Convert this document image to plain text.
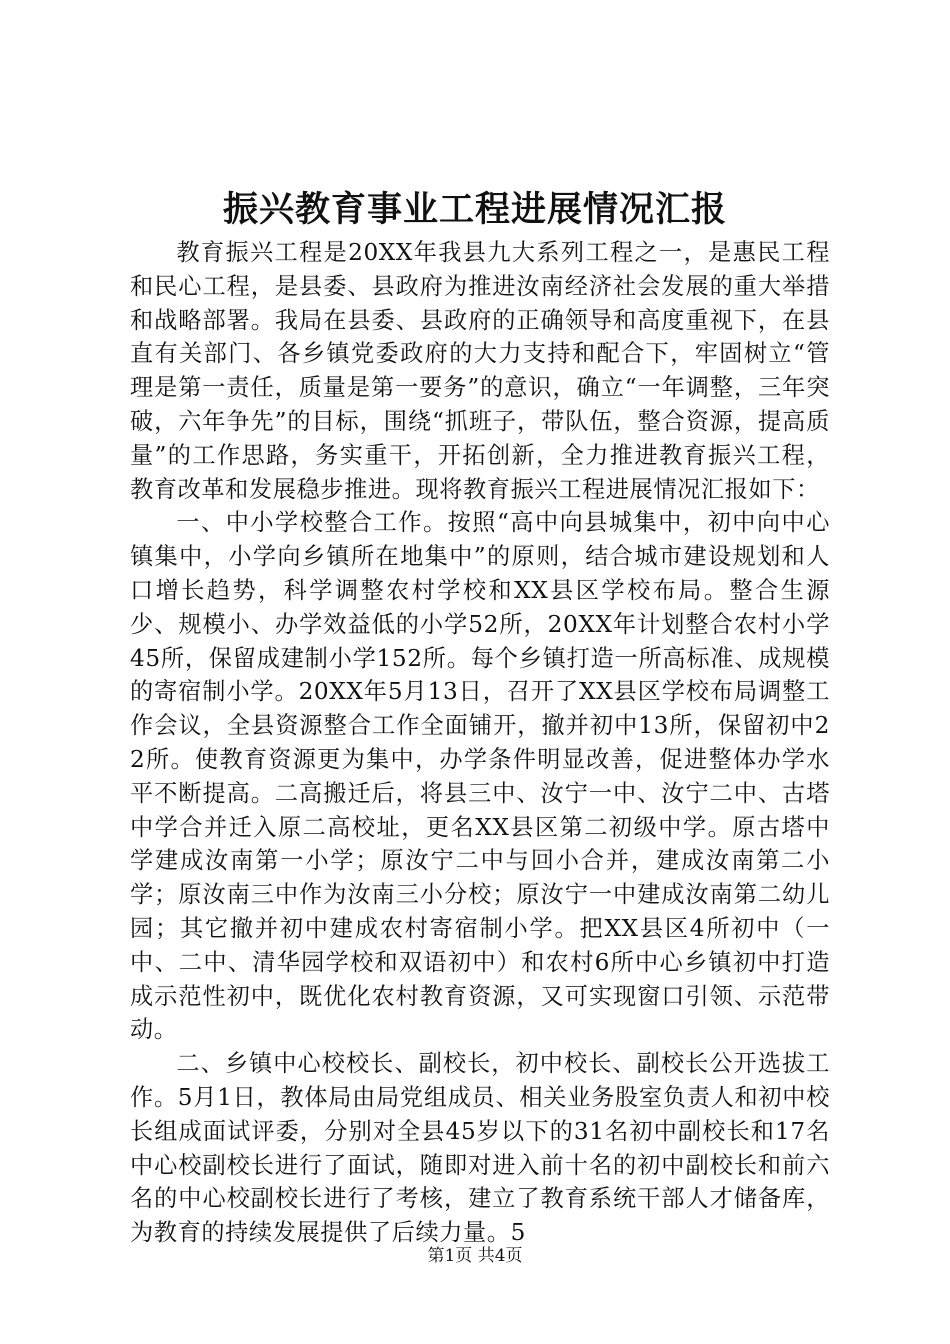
振兴教育事业工程进展情况汇报

教育振兴工程是20XX年我县九大系列工程之一，是惠民工程和民心工程，是县委、县政府为推进汝南经济社会发展的重大举措和战略部署。我局在县委、县政府的正确领导和高度重视下，在县直有关部门、各乡镇党委政府的大力支持和配合下，牢固树立“管理是第一责任，质量是第一要务”的意识，确立“一年调整，三年突破，六年争先”的目标，围绕“抓班子，带队伍，整合资源，提高质量”的工作思路，务实重干，开拓创新，全力推进教育振兴工程，教育改革和发展稳步推进。现将教育振兴工程进展情况汇报如下：

一、中小学校整合工作。按照“高中向县城集中，初中向中心镇集中，小学向乡镇所在地集中”的原则，结合城市建设规划和人口增长趋势，科学调整农村学校和XX县区学校布局。整合生源少、规模小、办学效益低的小学52所，20XX年计划整合农村小学45所，保留成建制小学152所。每个乡镇打造一所高标准、成规模的寄宿制小学。20XX年5月13日，召开了XX县区学校布局调整工作会议，全县资源整合工作全面铺开，撤并初中13所，保留初中22所。使教育资源更为集中，办学条件明显改善，促进整体办学水平不断提高。二高搬迁后，将县三中、汝宁一中、汝宁二中、古塔中学合并迁入原二高校址，更名XX县区第二初级中学。原古塔中学建成汝南第一小学；原汝宁二中与回小合并，建成汝南第二小学；原汝南三中作为汝南三小分校；原汝宁一中建成汝南第二幼儿园；其它撤并初中建成农村寄宿制小学。把XX县区4所初中（一中、二中、清华园学校和双语初中）和农村6所中心乡镇初中打造成示范性初中，既优化农村教育资源，又可实现窗口引领、示范带动。

二、乡镇中心校校长、副校长，初中校长、副校长公开选拔工作。5月1日，教体局由局党组成员、相关业务股室负责人和初中校长组成面试评委，分别对全县45岁以下的31名初中副校长和17名中心校副校长进行了面试，随即对进入前十名的初中副校长和前六名的中心校副校长进行了考核，建立了教育系统干部人才储备库，为教育的持续发展提供了后续力量。5

第1页 共4页
